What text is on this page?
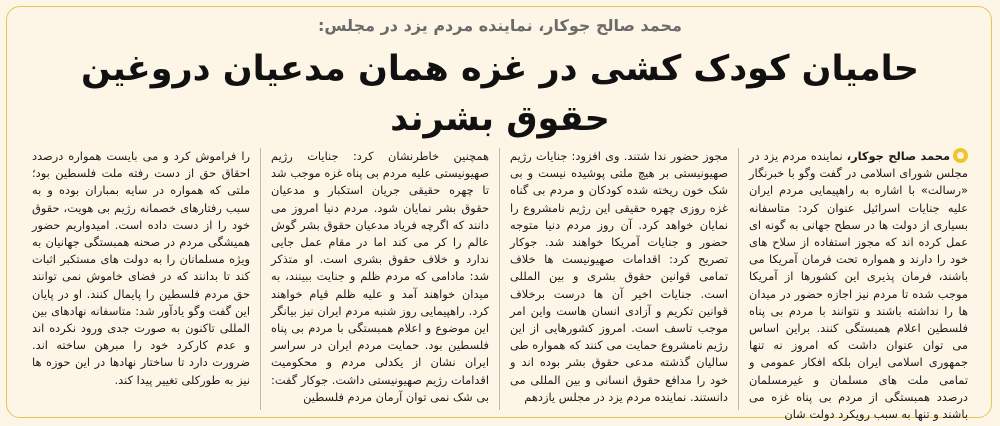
محمد صالح جوکار، نماینده مردم یزد در مجلس:
حامیان کودک کشی در غزه همان مدعیان دروغین
حقوق بشرند
محمد صالح جوکار، نماینده مردم یزد در مجلس شورای اسلامی در گفت وگو با خبرنگار «رسالت» با اشاره به راهپیمایی مردم ایران علیه جنایات اسرائیل عنوان کرد: متاسفانه بسیاری از دولت ها در سطح جهانی به گونه ای عمل کرده اند که مجوز استفاده از سلاح های خود را دارند و همواره تحت فرمان آمریکا می باشند، فرمان پذیری این کشورها از آمریکا موجب شده تا مردم نیز اجازه حضور در میدان ها را نداشته باشند و نتوانند با مردم بی پناه فلسطین اعلام همبستگی کنند. براین اساس می توان عنوان داشت که امروز نه تنها جمهوری اسلامی ایران بلکه افکار عمومی و تمامی ملت های مسلمان و غیرمسلمان درصدد همبستگی از مردم بی پناه غزه می باشند و تنها به سبب رویکرد دولت شان
مجوز حضور ندا شتند. وی افزود: جنایات رژیم صهیونیستی بر هیچ ملتی پوشیده نیست و بی شک خون ریخته شده کودکان و مردم بی گناه غزه روزی چهره حقیقی این رژیم نامشروع را نمایان خواهد کرد. آن روز مردم دنیا متوجه حضور و جنایات آمریکا خواهند شد. جوکار تصریح کرد: اقدامات صهیونیست ها خلاف تمامی قوانین حقوق بشری و بین المللی است. جنایات اخیر آن ها درست برخلاف قوانین تکریم و آزادی انسان هاست واین امر موجب تاسف است. امروز کشورهایی از این رژیم نامشروع حمایت می کنند که همواره طی سالیان گذشته مدعی حقوق بشر بوده اند و خود را مدافع حقوق انسانی و بین المللی می دانستند. نماینده مردم یزد در مجلس یازدهم
همچنین خاطرنشان کرد: جنایات رژیم صهیونیستی علیه مردم بی پناه غزه موجب شد تا چهره حقیقی جریان استکبار و مدعیان حقوق بشر نمایان شود. مردم دنیا امروز می دانند که اگرچه فریاد مدعیان حقوق بشر گوش عالم را کر می کند اما در مقام عمل جایی ندارد و خلاف حقوق بشری است. او متذکر شد: مادامی که مردم ظلم و جنایت ببینند، به میدان خواهند آمد و علیه ظلم قیام خواهند کرد. راهپیمایی روز شنبه مردم ایران نیز بیانگر این موضوع و اعلام همبستگی با مردم بی پناه فلسطین بود. حمایت مردم ایران در سراسر ایران نشان از یکدلی مردم و محکومیت اقدامات رژیم صهیونیستی داشت. جوکار گفت: بی شک نمی توان آرمان مردم فلسطین
را فراموش کرد و می بایست همواره درصدد احقاق حق از دست رفته ملت فلسطین بود؛ ملتی که همواره در سایه بمباران بوده و به سبب رفتارهای خصمانه رژیم بی هویت، حقوق خود را از دست داده است. امیدواریم حضور همیشگی مردم در صحنه همبستگی جهانیان به ویژه مسلمانان را به دولت های مستکبر اثبات کند تا بدانند که در فضای خاموش نمی توانند حق مردم فلسطین را پایمال کنند. او در پایان این گفت وگو یادآور شد: متاسفانه نهادهای بین المللی تاکنون به صورت جدی ورود نکرده اند و عدم کارکرد خود را مبرهن ساخته اند. ضرورت دارد تا ساختار نهادها در این حوزه ها نیز به طورکلی تغییر پیدا کند.
